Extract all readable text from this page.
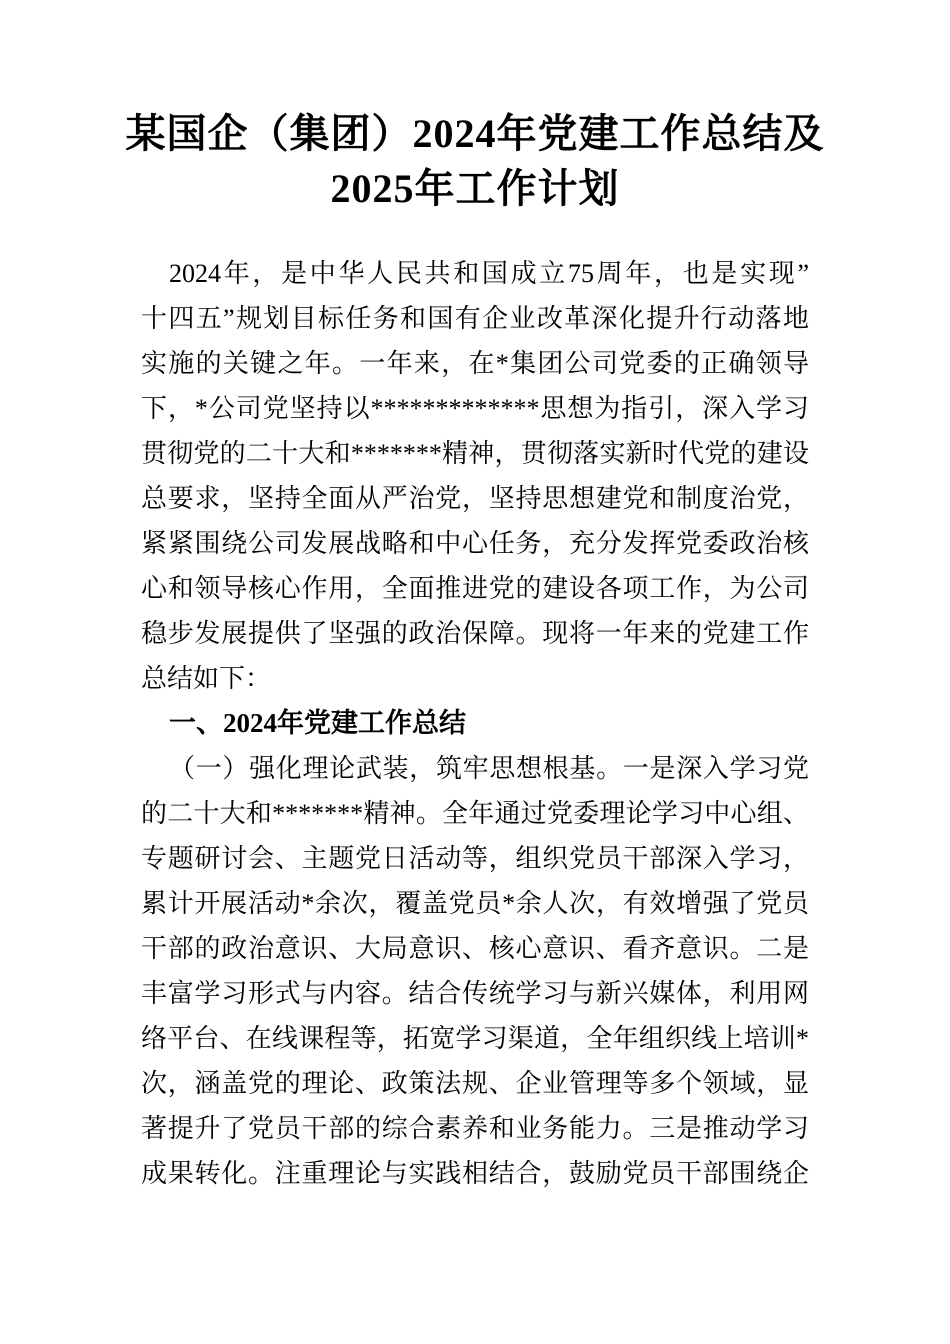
某国企（集团）2024年党建工作总结及
2025年工作计划
2024年，是中华人民共和国成立75周年，也是实现”
十四五”规划目标任务和国有企业改革深化提升行动落地
实施的关键之年。一年来，在*集团公司党委的正确领导
下，*公司党坚持以*************思想为指引，深入学习
贯彻党的二十大和*******精神，贯彻落实新时代党的建设
总要求，坚持全面从严治党，坚持思想建党和制度治党，
紧紧围绕公司发展战略和中心任务，充分发挥党委政治核
心和领导核心作用，全面推进党的建设各项工作，为公司
稳步发展提供了坚强的政治保障。现将一年来的党建工作
总结如下：
一、2024年党建工作总结
（一）强化理论武装，筑牢思想根基。一是深入学习党
的二十大和*******精神。全年通过党委理论学习中心组、
专题研讨会、主题党日活动等，组织党员干部深入学习，
累计开展活动*余次，覆盖党员*余人次，有效增强了党员
干部的政治意识、大局意识、核心意识、看齐意识。二是
丰富学习形式与内容。结合传统学习与新兴媒体，利用网
络平台、在线课程等，拓宽学习渠道，全年组织线上培训*
次，涵盖党的理论、政策法规、企业管理等多个领域，显
著提升了党员干部的综合素养和业务能力。三是推动学习
成果转化。注重理论与实践相结合，鼓励党员干部围绕企
